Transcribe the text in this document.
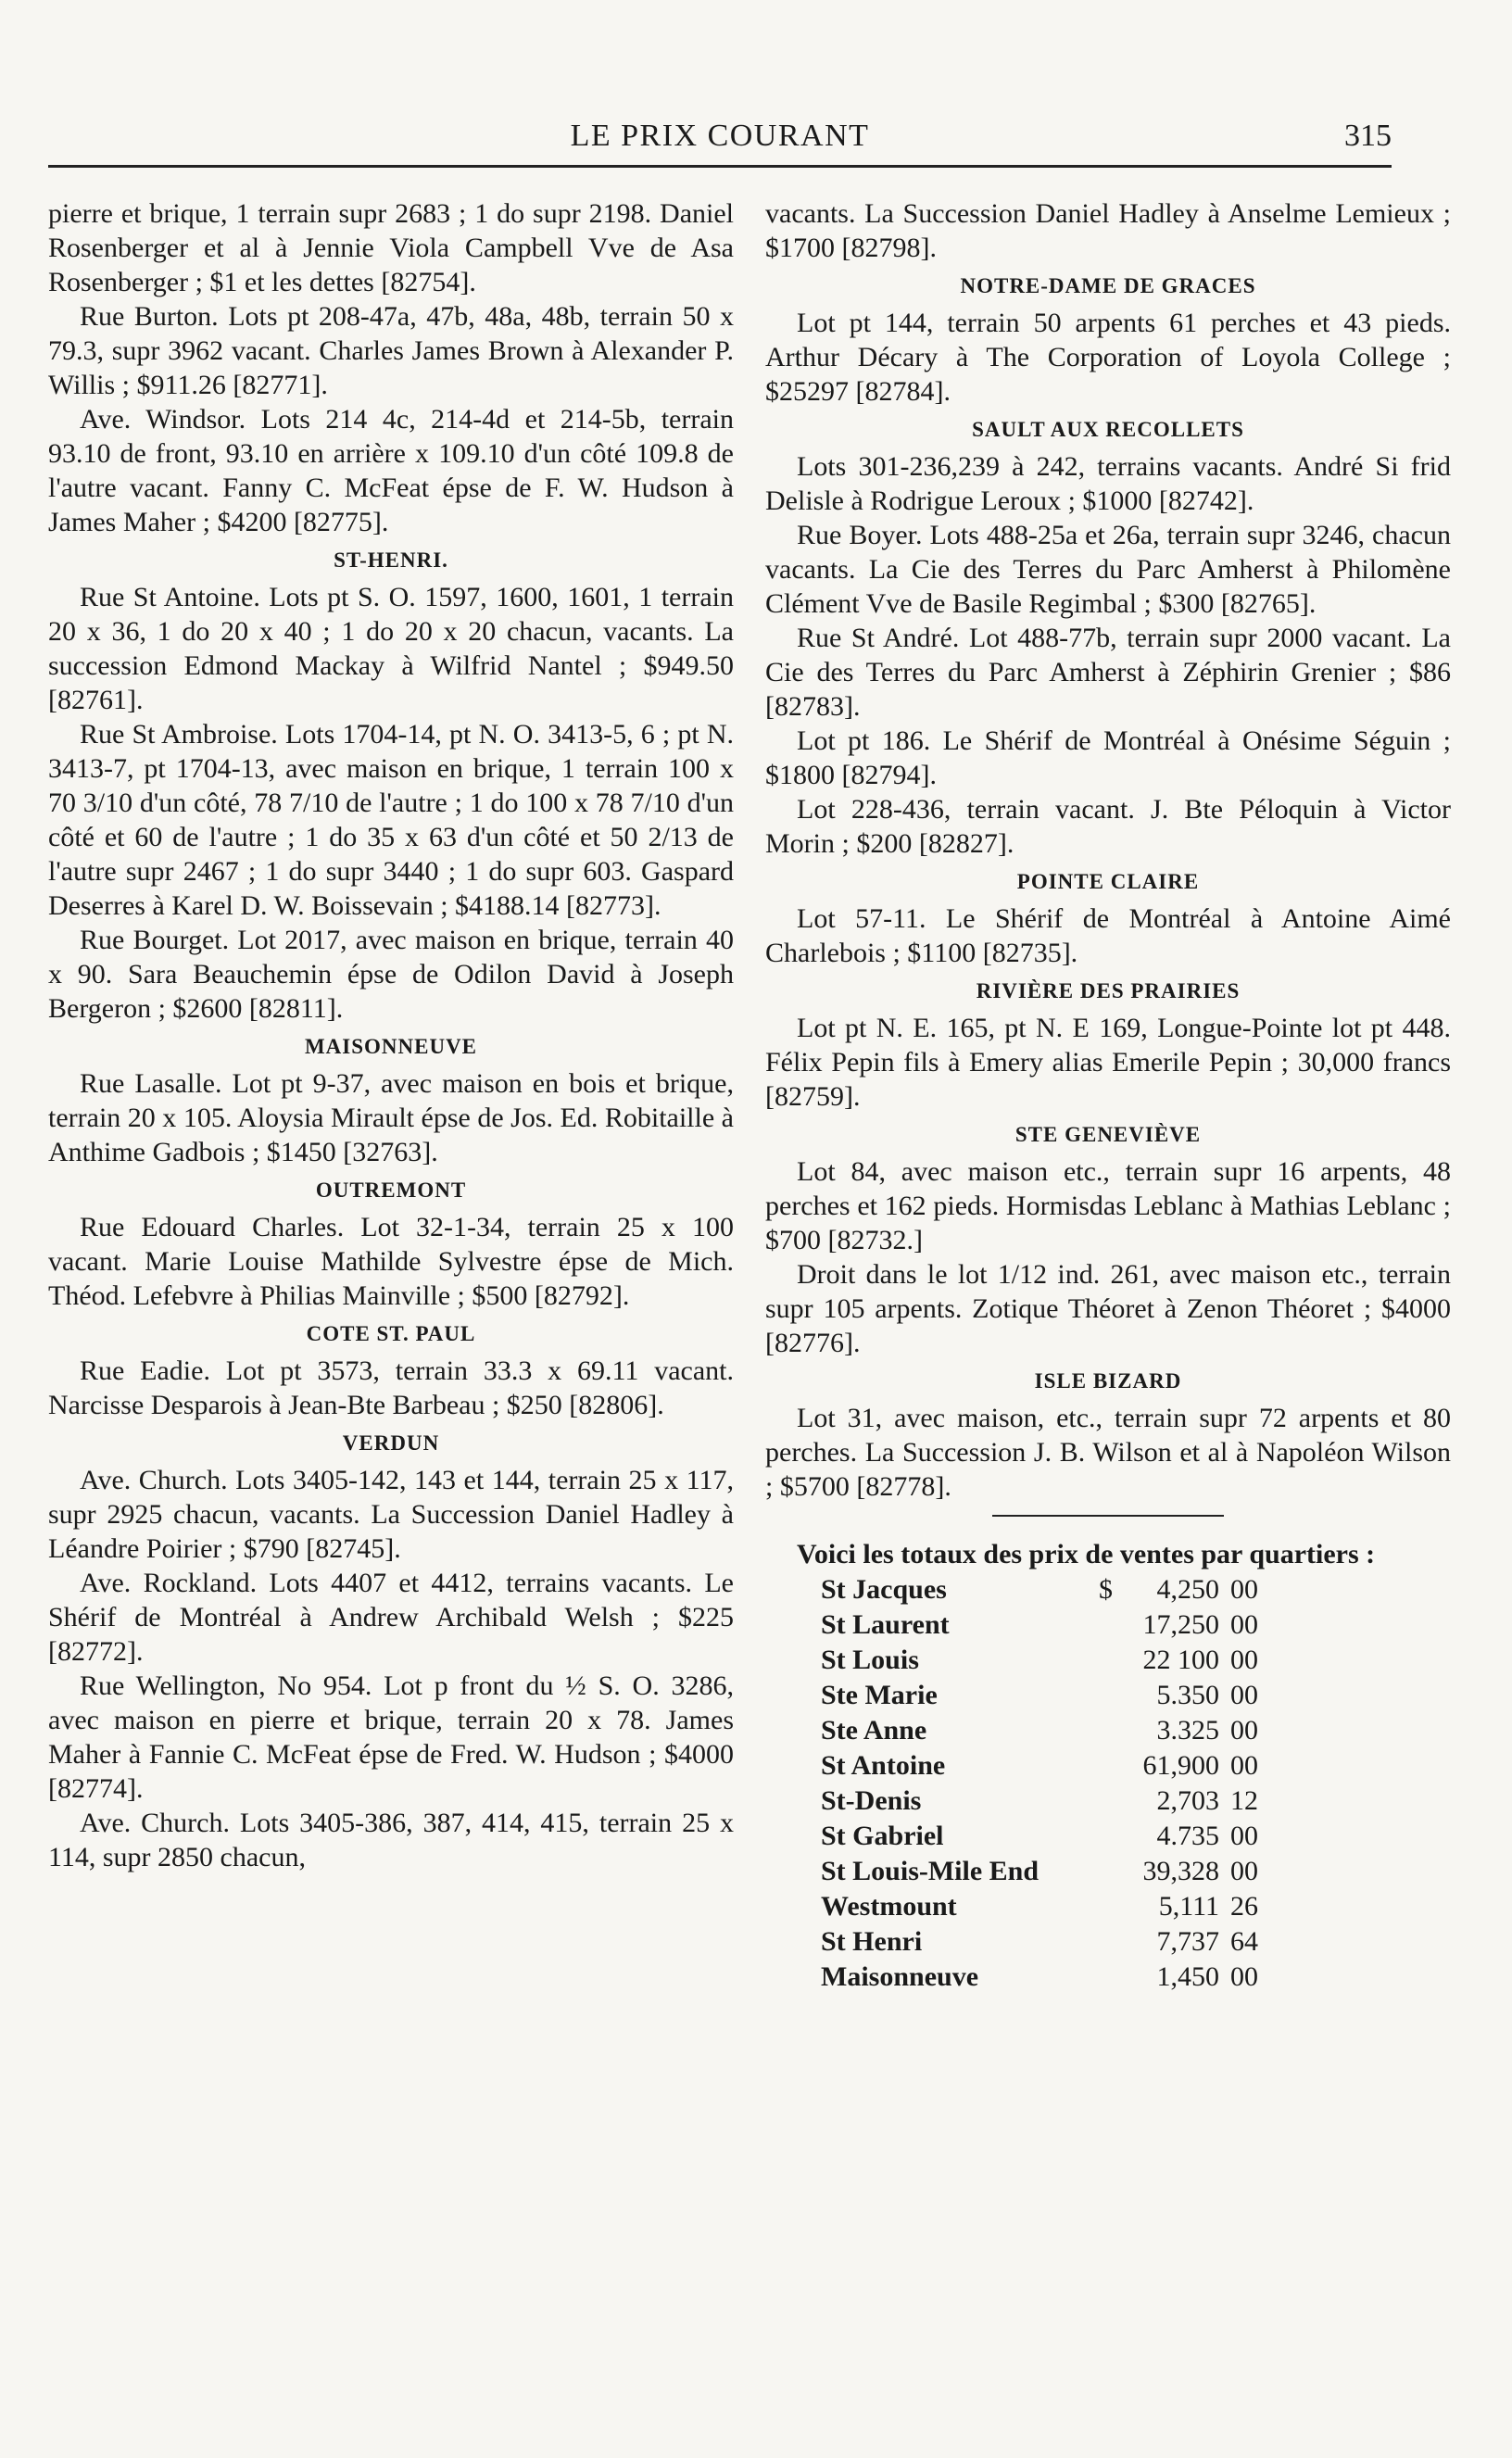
LE PRIX COURANT	315

pierre et brique, 1 terrain supr 2683 ; 1 do supr 2198. Daniel Rosenberger et al à Jennie Viola Campbell Vve de Asa Rosenberger ; $1 et les dettes [82754].

Rue Burton. Lots pt 208-47a, 47b, 48a, 48b, terrain 50 x 79.3, supr 3962 vacant. Charles James Brown à Alexander P. Willis ; $911.26 [82771].

Ave. Windsor. Lots 214 4c, 214-4d et 214-5b, terrain 93.10 de front, 93.10 en arrière x 109.10 d'un côté 109.8 de l'autre vacant. Fanny C. McFeat épse de F. W. Hudson à James Maher ; $4200 [82775].

ST-HENRI.

Rue St Antoine. Lots pt S. O. 1597, 1600, 1601, 1 terrain 20 x 36, 1 do 20 x 40 ; 1 do 20 x 20 chacun, vacants. La succession Edmond Mackay à Wilfrid Nantel ; $949.50 [82761].

Rue St Ambroise. Lots 1704-14, pt N. O. 3413-5, 6 ; pt N. 3413-7, pt 1704-13, avec maison en brique, 1 terrain 100 x 70 3/10 d'un côté, 78 7/10 de l'autre ; 1 do 100 x 78 7/10 d'un côté et 60 de l'autre ; 1 do 35 x 63 d'un côté et 50 2/13 de l'autre supr 2467 ; 1 do supr 3440 ; 1 do supr 603. Gaspard Deserres à Karel D. W. Boissevain ; $4188.14 [82773].

Rue Bourget. Lot 2017, avec maison en brique, terrain 40 x 90. Sara Beauchemin épse de Odilon David à Joseph Bergeron ; $2600 [82811].

MAISONNEUVE

Rue Lasalle. Lot pt 9-37, avec maison en bois et brique, terrain 20 x 105. Aloysia Mirault épse de Jos. Ed. Robitaille à Anthime Gadbois ; $1450 [32763].

OUTREMONT

Rue Edouard Charles. Lot 32-1-34, terrain 25 x 100 vacant. Marie Louise Mathilde Sylvestre épse de Mich. Théod. Lefebvre à Philias Mainville ; $500 [82792].

COTE ST. PAUL

Rue Eadie. Lot pt 3573, terrain 33.3 x 69.11 vacant. Narcisse Desparois à Jean-Bte Barbeau ; $250 [82806].

VERDUN

Ave. Church. Lots 3405-142, 143 et 144, terrain 25 x 117, supr 2925 chacun, vacants. La Succession Daniel Hadley à Léandre Poirier ; $790 [82745].

Ave. Rockland. Lots 4407 et 4412, terrains vacants. Le Shérif de Montréal à Andrew Archibald Welsh ; $225 [82772].

Rue Wellington, No 954. Lot p front du ½ S. O. 3286, avec maison en pierre et brique, terrain 20 x 78. James Maher à Fannie C. McFeat épse de Fred. W. Hudson ; $4000 [82774].

Ave. Church. Lots 3405-386, 387, 414, 415, terrain 25 x 114, supr 2850 chacun,

vacants. La Succession Daniel Hadley à Anselme Lemieux ; $1700 [82798].

NOTRE-DAME DE GRACES

Lot pt 144, terrain 50 arpents 61 perches et 43 pieds. Arthur Décary à The Corporation of Loyola College ; $25297 [82784].

SAULT AUX RECOLLETS

Lots 301-236,239 à 242, terrains vacants. André Si frid Delisle à Rodrigue Leroux ; $1000 [82742].

Rue Boyer. Lots 488-25a et 26a, terrain supr 3246, chacun vacants. La Cie des Terres du Parc Amherst à Philomène Clément Vve de Basile Regimbal ; $300 [82765].

Rue St André. Lot 488-77b, terrain supr 2000 vacant. La Cie des Terres du Parc Amherst à Zéphirin Grenier ; $86 [82783].

Lot pt 186. Le Shérif de Montréal à Onésime Séguin ; $1800 [82794].

Lot 228-436, terrain vacant. J. Bte Péloquin à Victor Morin ; $200 [82827].

POINTE CLAIRE

Lot 57-11. Le Shérif de Montréal à Antoine Aimé Charlebois ; $1100 [82735].

RIVIÈRE DES PRAIRIES

Lot pt N. E. 165, pt N. E 169, Longue-Pointe lot pt 448. Félix Pepin fils à Emery alias Emerile Pepin ; 30,000 francs [82759].

STE GENEVIÈVE

Lot 84, avec maison etc., terrain supr 16 arpents, 48 perches et 162 pieds. Hormisdas Leblanc à Mathias Leblanc ; $700 [82732.]

Droit dans le lot 1/12 ind. 261, avec maison etc., terrain supr 105 arpents. Zotique Théoret à Zenon Théoret ; $4000 [82776].

ISLE BIZARD

Lot 31, avec maison, etc., terrain supr 72 arpents et 80 perches. La Succession J. B. Wilson et al à Napoléon Wilson ; $5700 [82778].

Voici les totaux des prix de ventes par quartiers :

St Jacques	$	4,250	00
St Laurent		17,250	00
St Louis		22 100	00
Ste Marie		5.350	00
Ste Anne		3.325	00
St Antoine		61,900	00
St-Denis		2,703	12
St Gabriel		4.735	00
St Louis-Mile End		39,328	00
Westmount		5,111	26
St Henri		7,737	64
Maisonneuve		1,450	00
